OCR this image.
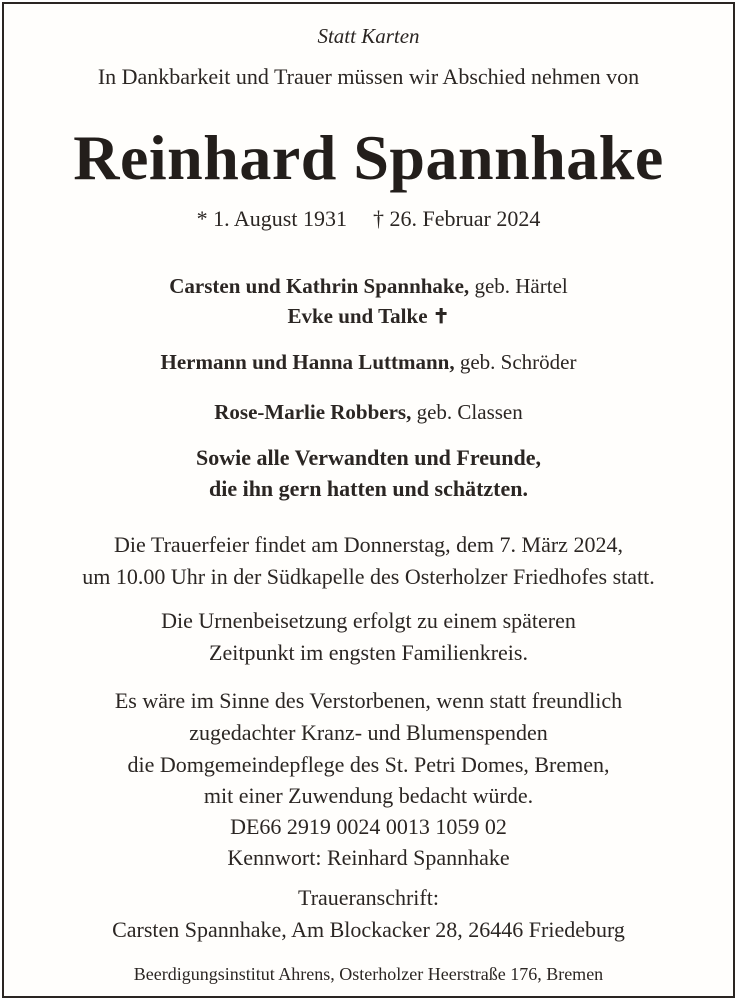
Statt Karten
In Dankbarkeit und Trauer müssen wir Abschied nehmen von
Reinhard Spannhake
* 1. August 1931 † 26. Februar 2024
Carsten und Kathrin Spannhake, geb. Härtel
Evke und Talke ✝
Hermann und Hanna Luttmann, geb. Schröder
Rose-Marlie Robbers, geb. Classen
Sowie alle Verwandten und Freunde,
die ihn gern hatten und schätzten.
Die Trauerfeier findet am Donnerstag, dem 7. März 2024,
um 10.00 Uhr in der Südkapelle des Osterholzer Friedhofes statt.
Die Urnenbeisetzung erfolgt zu einem späteren
Zeitpunkt im engsten Familienkreis.
Es wäre im Sinne des Verstorbenen, wenn statt freundlich
zugedachter Kranz- und Blumenspenden
die Domgemeindepflege des St. Petri Domes, Bremen,
mit einer Zuwendung bedacht würde.
DE66 2919 0024 0013 1059 02
Kennwort: Reinhard Spannhake
Traueranschrift:
Carsten Spannhake, Am Blockacker 28, 26446 Friedeburg
Beerdigungsinstitut Ahrens, Osterholzer Heerstraße 176, Bremen
